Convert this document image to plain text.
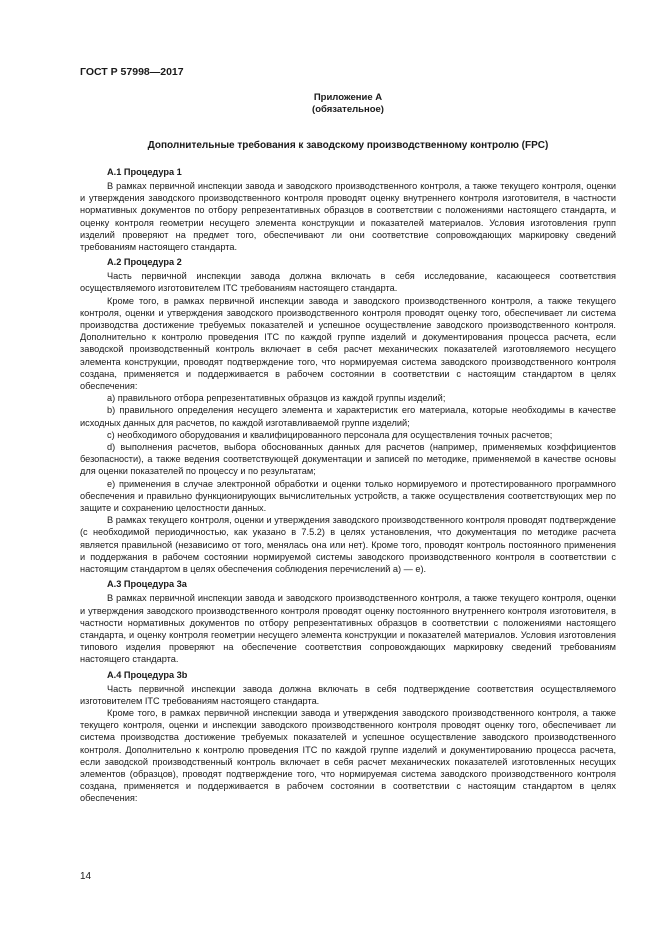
ГОСТ Р 57998—2017
Приложение А
(обязательное)
Дополнительные требования к заводскому производственному контролю (FPC)
А.1 Процедура 1

В рамках первичной инспекции завода и заводского производственного контроля, а также текущего контроля, оценки и утверждения заводского производственного контроля проводят оценку внутреннего контроля изготовителя, в частности нормативных документов по отбору репрезентативных образцов в соответствии с положениями настоящего стандарта, и оценку контроля геометрии несущего элемента конструкции и показателей материалов. Условия изготовления групп изделий проверяют на предмет того, обеспечивают ли они соответствие сопровождающих маркировку сведений требованиям настоящего стандарта.

А.2 Процедура 2

Часть первичной инспекции завода должна включать в себя исследование, касающееся соответствия осуществляемого изготовителем ITC требованиям настоящего стандарта.

Кроме того, в рамках первичной инспекции завода и заводского производственного контроля, а также текущего контроля, оценки и утверждения заводского производственного контроля проводят оценку того, обеспечивает ли система производства достижение требуемых показателей и успешное осуществление заводского производственного контроля. Дополнительно к контролю проведения ITC по каждой группе изделий и документирования процесса расчета, если заводской производственный контроль включает в себя расчет механических показателей изготовляемого несущего элемента конструкции, проводят подтверждение того, что нормируемая система заводского производственного контроля создана, применяется и поддерживается в рабочем состоянии в соответствии с настоящим стандартом в целях обеспечения:

а) правильного отбора репрезентативных образцов из каждой группы изделий;

b) правильного определения несущего элемента и характеристик его материала, которые необходимы в качестве исходных данных для расчетов, по каждой изготавливаемой группе изделий;

c) необходимого оборудования и квалифицированного персонала для осуществления точных расчетов;

d) выполнения расчетов, выбора обоснованных данных для расчетов (например, применяемых коэффициентов безопасности), а также ведения соответствующей документации и записей по методике, применяемой в качестве основы для оценки показателей по процессу и по результатам;

e) применения в случае электронной обработки и оценки только нормируемого и протестированного программного обеспечения и правильно функционирующих вычислительных устройств, а также осуществления соответствующих мер по защите и сохранению целостности данных.

В рамках текущего контроля, оценки и утверждения заводского производственного контроля проводят подтверждение (с необходимой периодичностью, как указано в 7.5.2) в целях установления, что документация по методике расчета является правильной (независимо от того, менялась она или нет). Кроме того, проводят контроль постоянного применения и поддержания в рабочем состоянии нормируемой системы заводского производственного контроля в соответствии с настоящим стандартом в целях обеспечения соблюдения перечислений а) — е).

А.3 Процедура 3а

В рамках первичной инспекции завода и заводского производственного контроля, а также текущего контроля, оценки и утверждения заводского производственного контроля проводят оценку постоянного внутреннего контроля изготовителя, в частности нормативных документов по отбору репрезентативных образцов в соответствии с положениями настоящего стандарта, и оценку контроля геометрии несущего элемента конструкции и показателей материалов. Условия изготовления типового изделия проверяют на обеспечение соответствия сопровождающих маркировку сведений требованиям настоящего стандарта.

А.4 Процедура 3b

Часть первичной инспекции завода должна включать в себя подтверждение соответствия осуществляемого изготовителем ITC требованиям настоящего стандарта.

Кроме того, в рамках первичной инспекции завода и утверждения заводского производственного контроля, а также текущего контроля, оценки и инспекции заводского производственного контроля проводят оценку того, обеспечивает ли система производства достижение требуемых показателей и успешное осуществление заводского производственного контроля. Дополнительно к контролю проведения ITC по каждой группе изделий и документированию процесса расчета, если заводской производственный контроль включает в себя расчет механических показателей изготовленных несущих элементов (образцов), проводят подтверждение того, что нормируемая система заводского производственного контроля создана, применяется и поддерживается в рабочем состоянии в соответствии с настоящим стандартом в целях обеспечения:

14
